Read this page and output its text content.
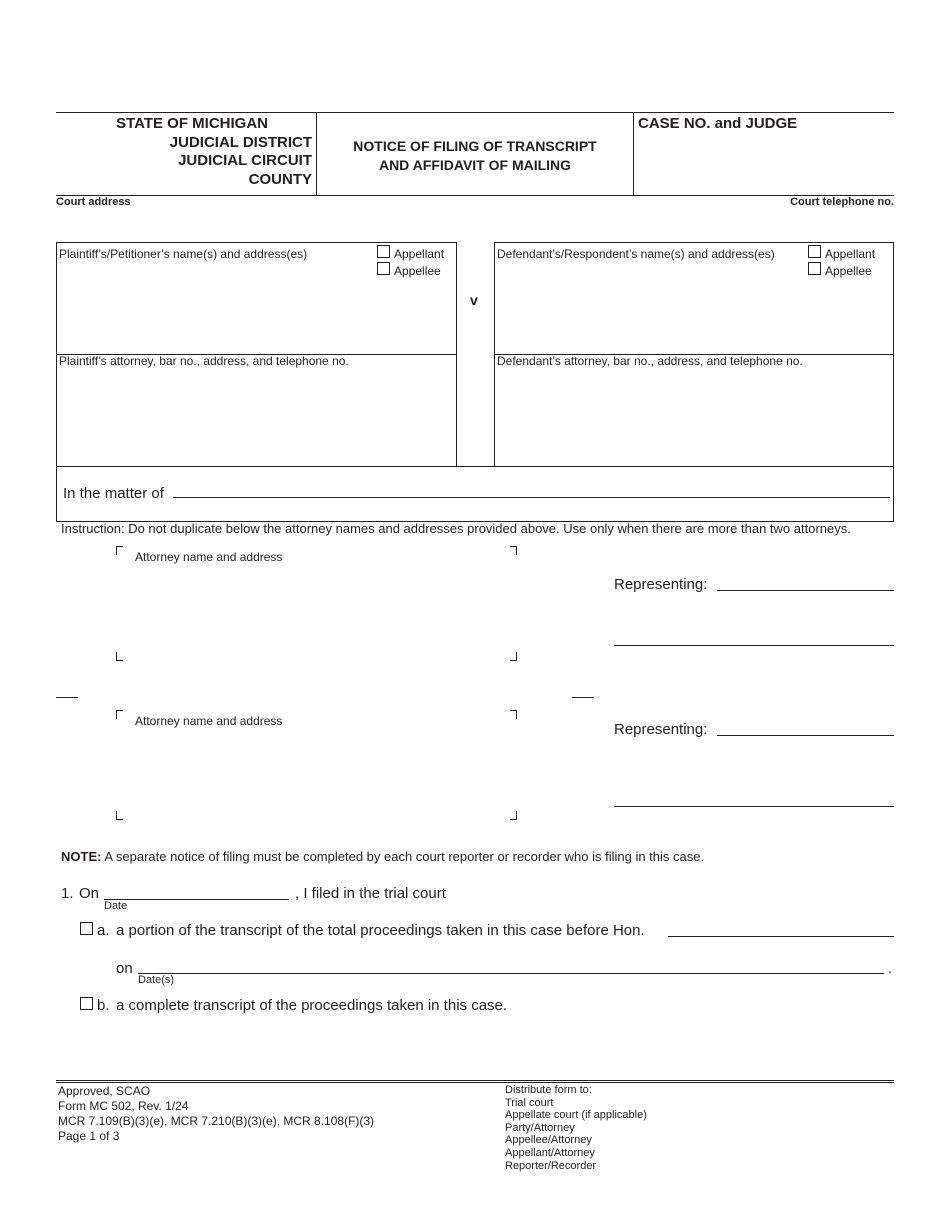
STATE OF MICHIGAN
JUDICIAL DISTRICT
JUDICIAL CIRCUIT
COUNTY
NOTICE OF FILING OF TRANSCRIPT
AND AFFIDAVIT OF MAILING
CASE NO. and JUDGE
Court address	Court telephone no.
Plaintiff’s/Petitioner’s name(s) and address(es)	Appellant
Appellee
v
Defendant’s/Respondent’s name(s) and address(es)	Appellant
Appellee
Plaintiff’s attorney, bar no., address, and telephone no.	Defendant’s attorney, bar no., address, and telephone no.
In the matter of
Instruction: Do not duplicate below the attorney names and addresses provided above. Use only when there are more than two attorneys.
Attorney name and address
Representing:
Attorney name and address	Representing:
NOTE: A separate notice of filing must be completed by each court reporter or recorder who is filing in this case.
1. On
Date
, I filed in the trial court
a. a portion of the transcript of the total proceedings taken in this case before Hon.
on	.
Date(s)
b. a complete transcript of the proceedings taken in this case.
Approved, SCAO
Form MC 502, Rev. 1/24
MCR 7.109(B)(3)(e), MCR 7.210(B)(3)(e), MCR 8.108(F)(3)
Page 1 of 3
Distribute form to:
Trial court
Appellate court (if applicable)
Party/Attorney
Appellee/Attorney
Appellant/Attorney
Reporter/Recorder
